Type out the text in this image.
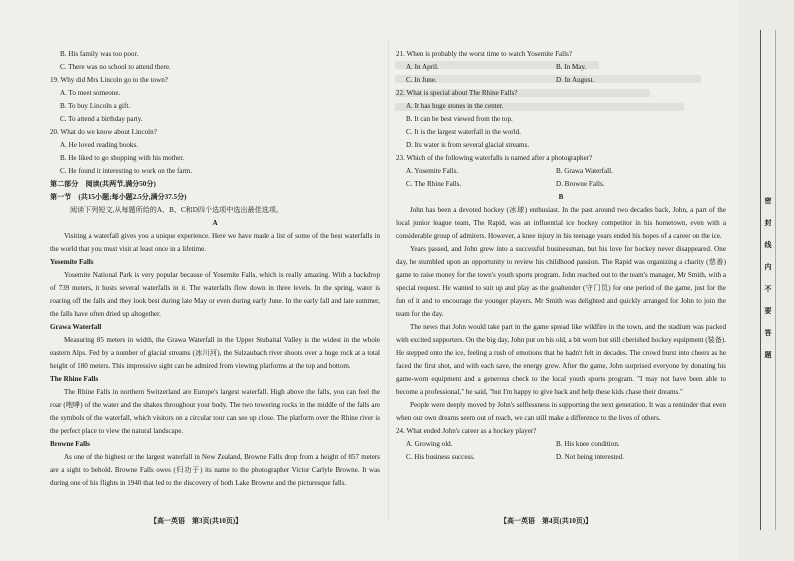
B. His family was too poor.

C. There was no school to attend there.

19. Why did Mrs Lincoln go to the town?

A. To meet someone.

B. To buy Lincoln a gift.

C. To attend a birthday party.

20. What do we know about Lincoln?

A. He loved reading books.

B. He liked to go shopping with his mother.

C. He found it interesting to work on the farm.

第二部分　阅读(共两节,满分50分)

第一节　(共15小题;每小题2.5分,满分37.5分)

阅读下列短文,从每题所给的A、B、C和D四个选项中选出最佳选项。

A

Visiting a waterfall gives you a unique experience. Here we have made a list of some of the best waterfalls in the world that you must visit at least once in a lifetime.

Yosemite Falls

Yosemite National Park is very popular because of Yosemite Falls, which is really amazing. With a backdrop of 739 meters, it hosts several waterfalls in it. The waterfalls flow down in three levels. In the spring, water is roaring off the falls and they look best during late May or even during early June. In the early fall and late summer, the falls have often dried up altogether.

Grawa Waterfall

Measuring 85 meters in width, the Grawa Waterfall in the Upper Stubaital Valley is the widest in the whole eastern Alps. Fed by a number of glacial streams (冰川河), the Sulzaubach river shoots over a huge rock at a total height of 180 meters. This impressive sight can be admired from viewing platforms at the top and bottom.

The Rhine Falls

The Rhine Falls in northern Switzerland are Europe's largest waterfall. High above the falls, you can feel the roar (咆哮) of the water and the shakes throughout your body. The two towering rocks in the middle of the falls are the symbols of the waterfall, which visitors on a circular tour can see up close. The platform over the Rhine river is the perfect place to view the natural landscape.

Browne Falls

As one of the highest or the largest waterfall in New Zealand, Browne Falls drop from a height of 857 meters are a sight to behold. Browne Falls owes (归功于) its name to the photographer Victor Carlyle Browne. It was during one of his flights in 1940 that led to the discovery of both Lake Browne and the picturesque falls.

21. When is probably the worst time to watch Yosemite Falls?

A. In April.	B. In May.
C. In June.	D. In August.

22. What is special about The Rhine Falls?

A. It has huge stones in the center.

B. It can be best viewed from the top.

C. It is the largest waterfall in the world.

D. Its water is from several glacial streams.

23. Which of the following waterfalls is named after a photographer?

A. Yosemite Falls.	B. Grawa Waterfall.
C. The Rhine Falls.	D. Browne Falls.

B

John has been a devoted hockey (冰球) enthusiast. In the past around two decades back, John, a part of the local junior league team, The Rapid, was an influential ice hockey competitor in his hometown, even with a considerable group of admirers. However, a knee injury in his teenage years ended his hopes of a career on the ice.

Years passed, and John grew into a successful businessman, but his love for hockey never disappeared. One day, he stumbled upon an opportunity to review his childhood passion. The Rapid was organizing a charity (慈善) game to raise money for the town's youth sports program. John reached out to the team's manager, Mr Smith, with a special request. He wanted to suit up and play as the goaltender (守门员) for one period of the game, just for the fun of it and to encourage the younger players. Mr Smith was delighted and quickly arranged for John to join the team for the day.

The news that John would take part in the game spread like wildfire in the town, and the stadium was packed with excited supporters. On the big day, John put on his old, a bit worn but still cherished hockey equipment (装备). He stepped onto the ice, feeling a rush of emotions that he hadn't felt in decades. The crowd burst into cheers as he faced the first shot, and with each save, the energy grew. After the game, John surprised everyone by donating his game-worn equipment and a generous check to the local youth sports program. "I may not have been able to become a professional," he said, "but I'm happy to give back and help these kids chase their dreams."

People were deeply moved by John's selflessness in supporting the next generation. It was a reminder that even when our own dreams seem out of reach, we can still make a difference to the lives of others.

24. What ended John's career as a hockey player?

A. Growing old.	B. His knee condition.
C. His business success.	D. Not being interested.
【高一英语　第3页(共10页)】	【高一英语　第4页(共10页)】
密封线内不要答题
